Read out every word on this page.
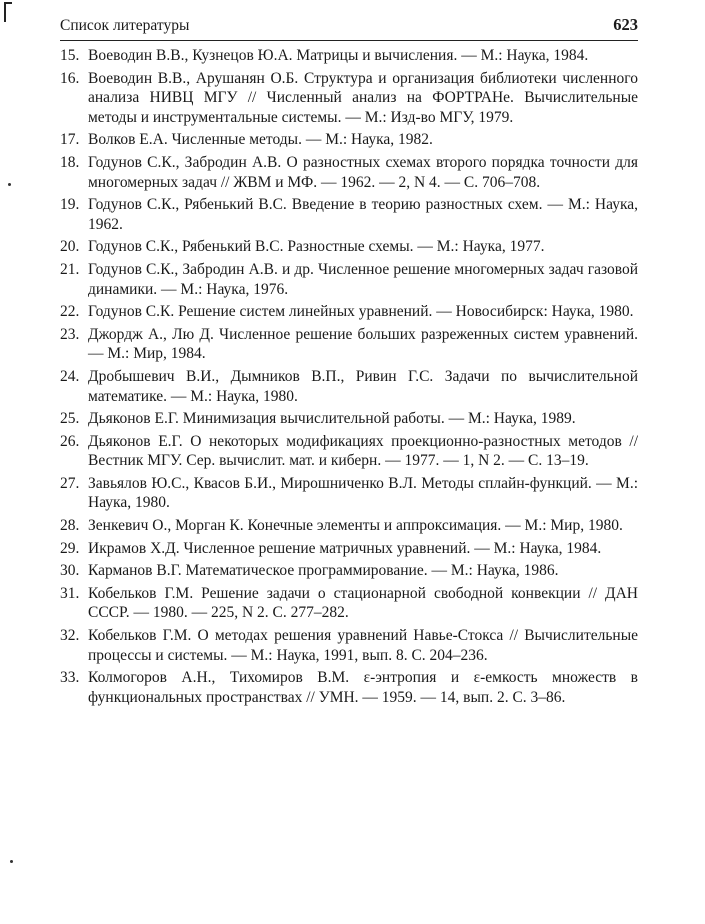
Список литературы	623
15. Воеводин В.В., Кузнецов Ю.А. Матрицы и вычисления. — М.: Наука, 1984.
16. Воеводин В.В., Арушанян О.Б. Структура и организация библиотеки численного анализа НИВЦ МГУ // Численный анализ на ФОРТРАНе. Вычислительные методы и инструментальные системы. — М.: Изд-во МГУ, 1979.
17. Волков Е.А. Численные методы. — М.: Наука, 1982.
18. Годунов С.К., Забродин А.В. О разностных схемах второго порядка точности для многомерных задач // ЖВМ и МФ. — 1962. — 2, N 4. — С. 706–708.
19. Годунов С.К., Рябенький В.С. Введение в теорию разностных схем. — М.: Наука, 1962.
20. Годунов С.К., Рябенький В.С. Разностные схемы. — М.: Наука, 1977.
21. Годунов С.К., Забродин А.В. и др. Численное решение многомерных задач газовой динамики. — М.: Наука, 1976.
22. Годунов С.К. Решение систем линейных уравнений. — Новосибирск: Наука, 1980.
23. Джордж А., Лю Д. Численное решение больших разреженных систем уравнений. — М.: Мир, 1984.
24. Дробышевич В.И., Дымников В.П., Ривин Г.С. Задачи по вычислительной математике. — М.: Наука, 1980.
25. Дьяконов Е.Г. Минимизация вычислительной работы. — М.: Наука, 1989.
26. Дьяконов Е.Г. О некоторых модификациях проекционно-разностных методов // Вестник МГУ. Сер. вычислит. мат. и киберн. — 1977. — 1, N 2. — С. 13–19.
27. Завьялов Ю.С., Квасов Б.И., Мирошниченко В.Л. Методы сплайн-функций. — М.: Наука, 1980.
28. Зенкевич О., Морган К. Конечные элементы и аппроксимация. — М.: Мир, 1980.
29. Икрамов Х.Д. Численное решение матричных уравнений. — М.: Наука, 1984.
30. Карманов В.Г. Математическое программирование. — М.: Наука, 1986.
31. Кобельков Г.М. Решение задачи о стационарной свободной конвекции // ДАН СССР. — 1980. — 225, N 2. С. 277–282.
32. Кобельков Г.М. О методах решения уравнений Навье-Стокса // Вычислительные процессы и системы. — М.: Наука, 1991, вып. 8. С. 204–236.
33. Колмогоров А.Н., Тихомиров В.М. ε-энтропия и ε-емкость множеств в функциональных пространствах // УМН. — 1959. — 14, вып. 2. С. 3–86.
